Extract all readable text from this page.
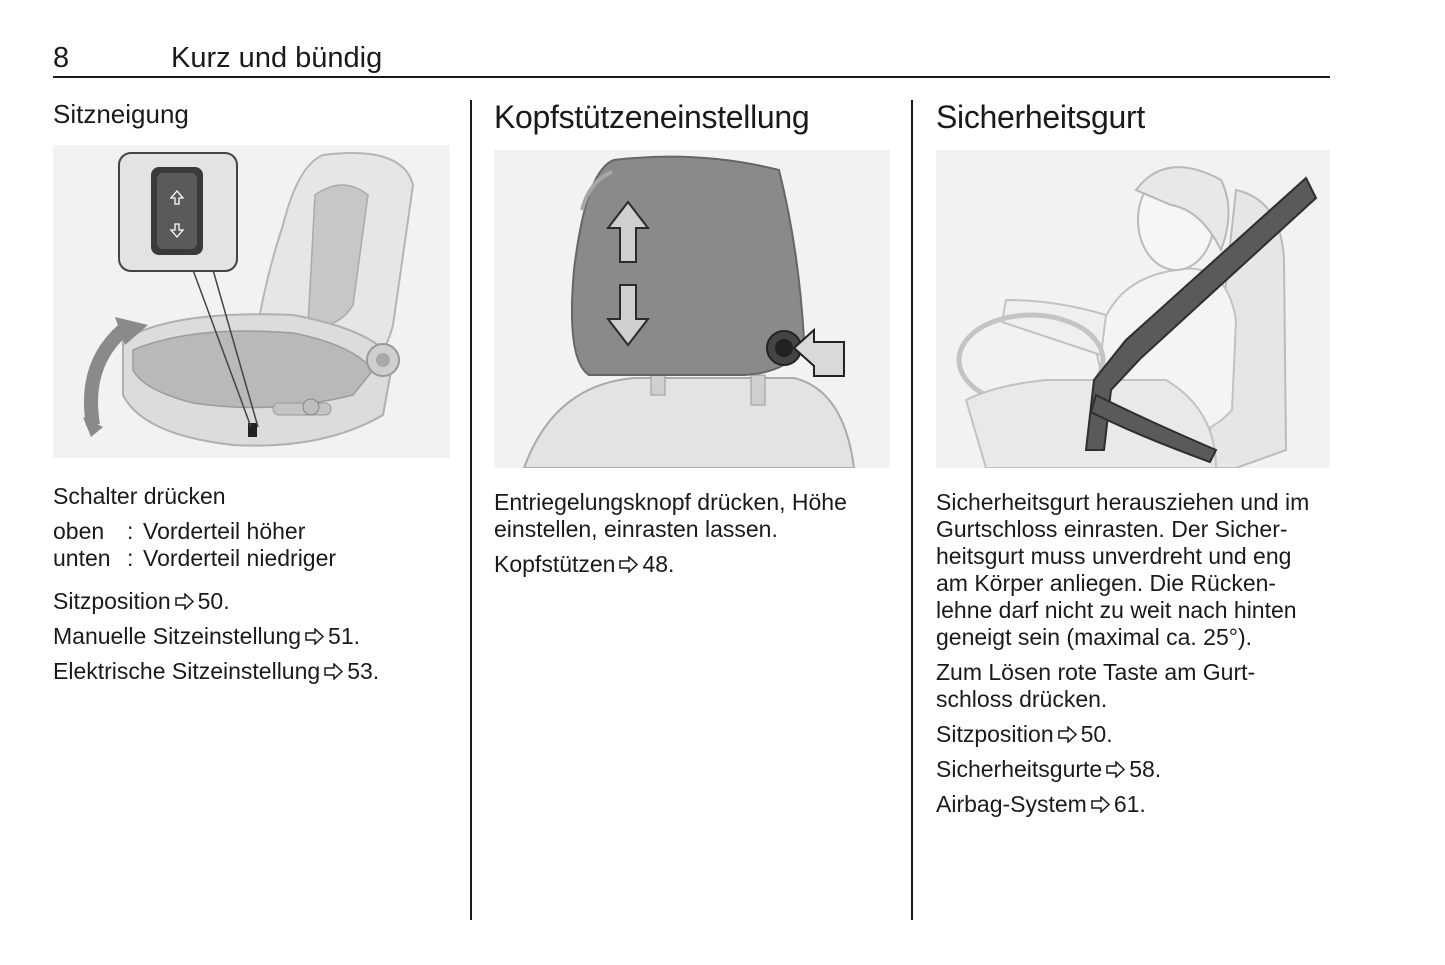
8	Kurz und bündig
Sitzneigung

Schalter drücken

oben : Vorderteil höher
unten : Vorderteil niedriger

Sitzposition 50.

Manuelle Sitzeinstellung 51.

Elektrische Sitzeinstellung 53.

Kopfstützeneinstellung

Entriegelungsknopf drücken, Höhe
einstellen, einrasten lassen.

Kopfstützen 48.

Sicherheitsgurt

Sicherheitsgurt herausziehen und im
Gurtschloss einrasten. Der Sicher-
heitsgurt muss unverdreht und eng
am Körper anliegen. Die Rücken-
lehne darf nicht zu weit nach hinten
geneigt sein (maximal ca. 25°).

Zum Lösen rote Taste am Gurt-
schloss drücken.

Sitzposition 50.

Sicherheitsgurte 58.

Airbag-System 61.
